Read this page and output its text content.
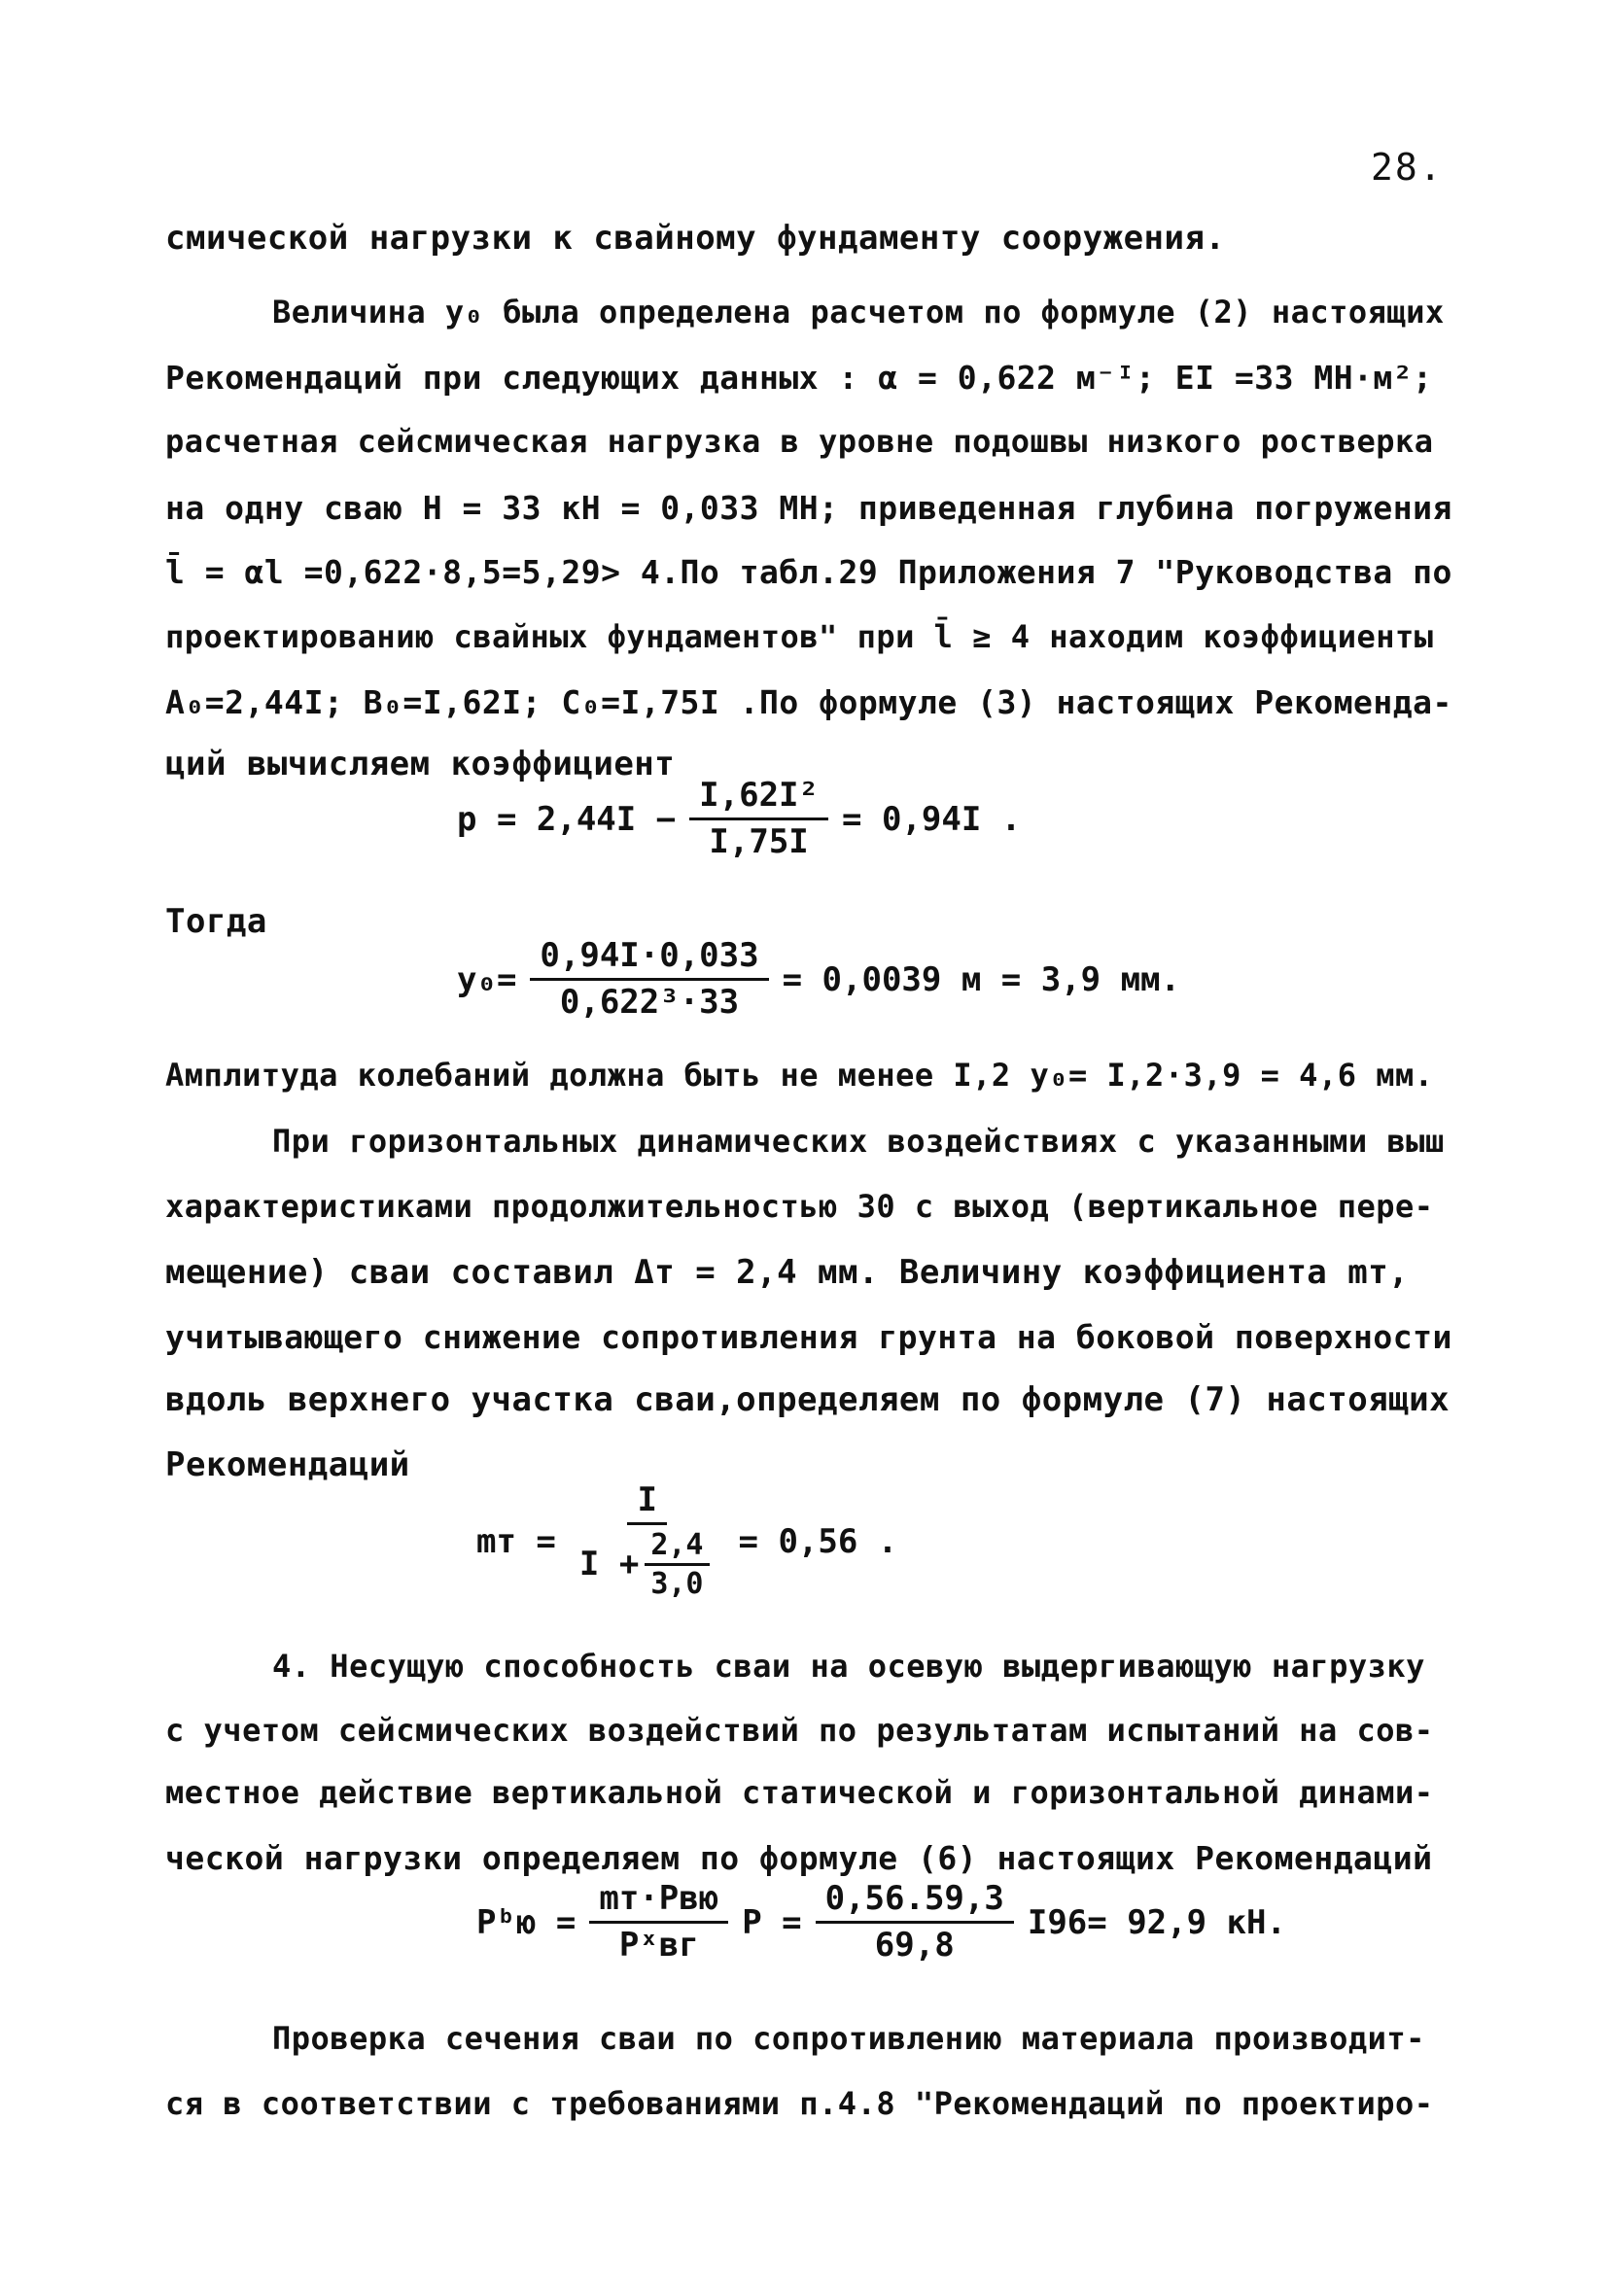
28.
смической нагрузки к свайному фундаменту сооружения.
Величина y₀ была определена расчетом по формуле (2) настоящих
Рекомендаций при следующих данных : α = 0,622 м⁻ᴵ; EI =33 МН·м²;
расчетная сейсмическая нагрузка в уровне подошвы низкого ростверка
на одну сваю H = 33 кН = 0,033 МН; приведенная глубина погружения
l̄ = αl =0,622·8,5=5,29> 4.По табл.29 Приложения 7 "Руководства по
проектированию свайных фундаментов" при l̄ ≥ 4 находим коэффициенты
A₀=2,44I; B₀=I,62I; C₀=I,75I .По формуле (3) настоящих Рекоменда-
ций вычисляем коэффициент
$p = 2,44I - \frac{\text{I,62I²}}{I,75I} = 0,94I$ .
Тогда
$y_0= \frac{0,94I\cdot 0,033}{\text{0,622³·33}} = 0,0039$ м = 3,9 мм.
Амплитуда колебаний должна быть не менее I,2 y₀= I,2·3,9 = 4,6 мм.
При горизонтальных динамических воздействиях с указанными выш
характеристиками продолжительностью 30 с выход (вертикальное пере-
мещение) сваи составил Δт = 2,4 мм. Величину коэффициента mт,
учитывающего снижение сопротивления грунта на боковой поверхности
вдоль верхнего участка сваи,определяем по формуле (7) настоящих
Рекомендаций
mт = $\frac{I}{I + \frac{2,4}{3,0}} = 0,56$ .
4. Несущую способность сваи на осевую выдергивающую нагрузку
с учетом сейсмических воздействий по результатам испытаний на сов-
местное действие вертикальной статической и горизонтальной динами-
ческой нагрузки определяем по формуле (6) настоящих Рекомендаций
Pᵇю = $\frac{\text{mт·Pвю}}{\text{Pˣвг}}$ $P = \frac{0,56.59,3}{69,8} I96= 92,9$ кН.
Проверка сечения сваи по сопротивлению материала производит-
ся в соответствии с требованиями п.4.8 "Рекомендаций по проектиро-
